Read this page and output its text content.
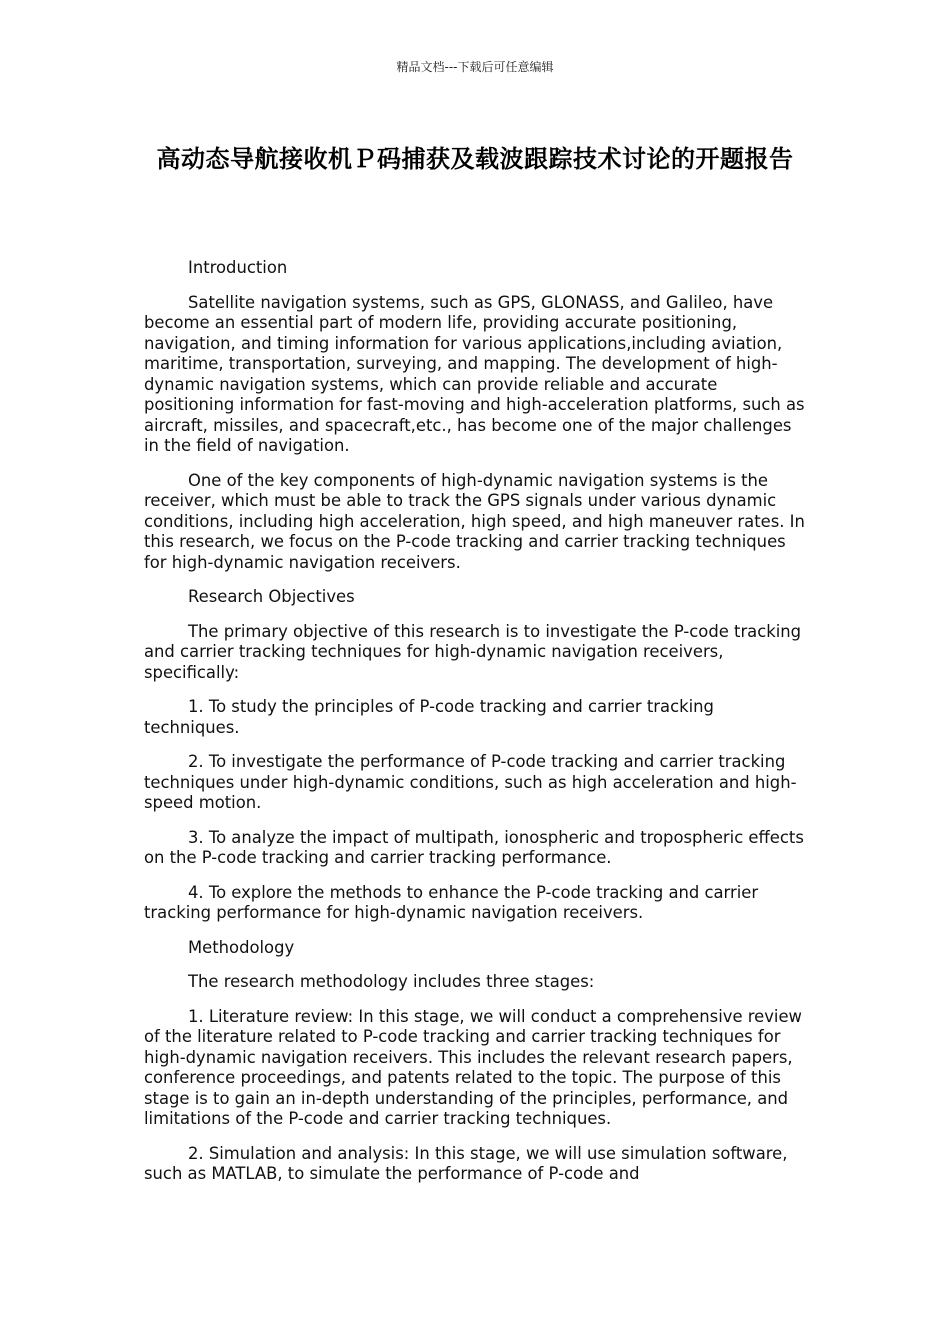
精品文档---下载后可任意编辑
高动态导航接收机Ｐ码捕获及载波跟踪技术讨论的开题报告

Introduction

Satellite navigation systems, such as GPS, GLONASS, and Galileo, have become an essential part of modern life, providing accurate positioning, navigation, and timing information for various applications,including aviation, maritime, transportation, surveying, and mapping. The development of high-dynamic navigation systems, which can provide reliable and accurate positioning information for fast-moving and high-acceleration platforms, such as aircraft, missiles, and spacecraft,etc., has become one of the major challenges in the field of navigation.

One of the key components of high-dynamic navigation systems is the receiver, which must be able to track the GPS signals under various dynamic conditions, including high acceleration, high speed, and high maneuver rates. In this research, we focus on the P-code tracking and carrier tracking techniques for high-dynamic navigation receivers.

Research Objectives

The primary objective of this research is to investigate the P-code tracking and carrier tracking techniques for high-dynamic navigation receivers, specifically:

1. To study the principles of P-code tracking and carrier tracking techniques.

2. To investigate the performance of P-code tracking and carrier tracking techniques under high-dynamic conditions, such as high acceleration and high-speed motion.

3. To analyze the impact of multipath, ionospheric and tropospheric effects on the P-code tracking and carrier tracking performance.

4. To explore the methods to enhance the P-code tracking and carrier tracking performance for high-dynamic navigation receivers.

Methodology

The research methodology includes three stages:

1. Literature review: In this stage, we will conduct a comprehensive review of the literature related to P-code tracking and carrier tracking techniques for high-dynamic navigation receivers. This includes the relevant research papers, conference proceedings, and patents related to the topic. The purpose of this stage is to gain an in-depth understanding of the principles, performance, and limitations of the P-code and carrier tracking techniques.

2. Simulation and analysis: In this stage, we will use simulation software, such as MATLAB, to simulate the performance of P-code and
